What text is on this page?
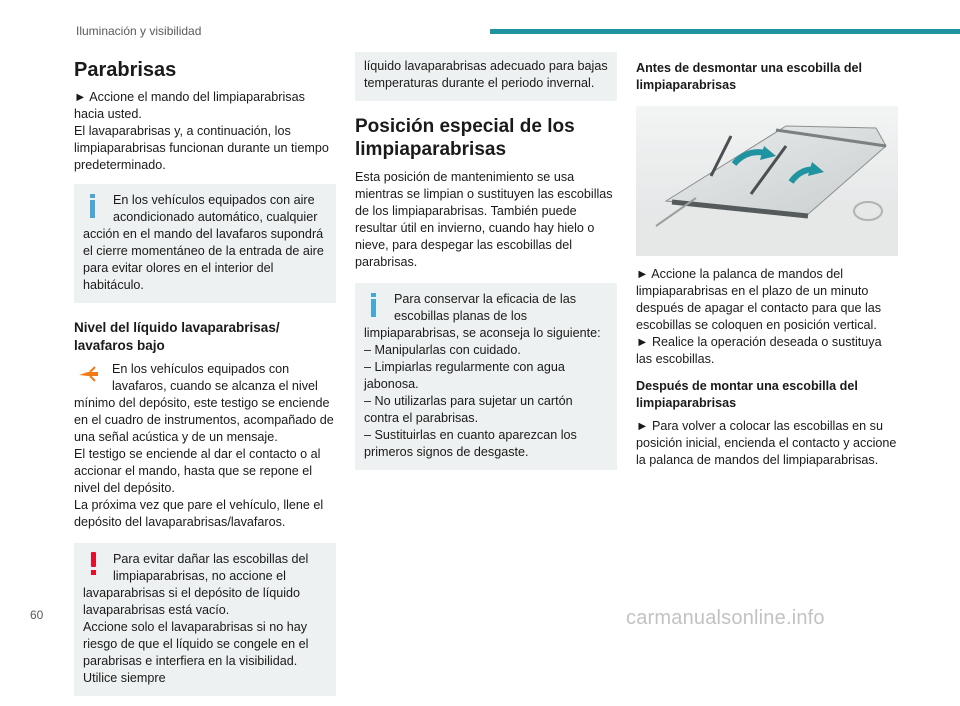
Iluminación y visibilidad
Parabrisas

► Accione el mando del limpiaparabrisas hacia usted.

El lavaparabrisas y, a continuación, los limpiaparabrisas funcionan durante un tiempo predeterminado.

En los vehículos equipados con aire acondicionado automático, cualquier acción en el mando del lavafaros supondrá el cierre momentáneo de la entrada de aire para evitar olores en el interior del habitáculo.
Nivel del líquido lavaparabrisas/ lavafaros bajo
En los vehículos equipados con lavafaros, cuando se alcanza el nivel mínimo del depósito, este testigo se enciende en el cuadro de instrumentos, acompañado de una señal acústica y de un mensaje.

El testigo se enciende al dar el contacto o al accionar el mando, hasta que se repone el nivel del depósito.

La próxima vez que pare el vehículo, llene el depósito del lavaparabrisas/lavafaros.

Para evitar dañar las escobillas del limpiaparabrisas, no accione el lavaparabrisas si el depósito de líquido lavaparabrisas está vacío.
Accione solo el lavaparabrisas si no hay riesgo de que el líquido se congele en el parabrisas e interfiera en la visibilidad. Utilice siempre
líquido lavaparabrisas adecuado para bajas temperaturas durante el periodo invernal.
Posición especial de los limpiaparabrisas

Esta posición de mantenimiento se usa mientras se limpian o sustituyen las escobillas de los limpiaparabrisas. También puede resultar útil en invierno, cuando hay hielo o nieve, para despegar las escobillas del parabrisas.

Para conservar la eficacia de las escobillas planas de los limpiaparabrisas, se aconseja lo siguiente:
– Manipularlas con cuidado.
– Limpiarlas regularmente con agua jabonosa.
– No utilizarlas para sujetar un cartón contra el parabrisas.
– Sustituirlas en cuanto aparezcan los primeros signos de desgaste.
Antes de desmontar una escobilla del limpiaparabrisas

► Accione la palanca de mandos del limpiaparabrisas en el plazo de un minuto después de apagar el contacto para que las escobillas se coloquen en posición vertical.

► Realice la operación deseada o sustituya las escobillas.

Después de montar una escobilla del limpiaparabrisas

► Para volver a colocar las escobillas en su posición inicial, encienda el contacto y accione la palanca de mandos del limpiaparabrisas.

60	carmanualsonline.info
